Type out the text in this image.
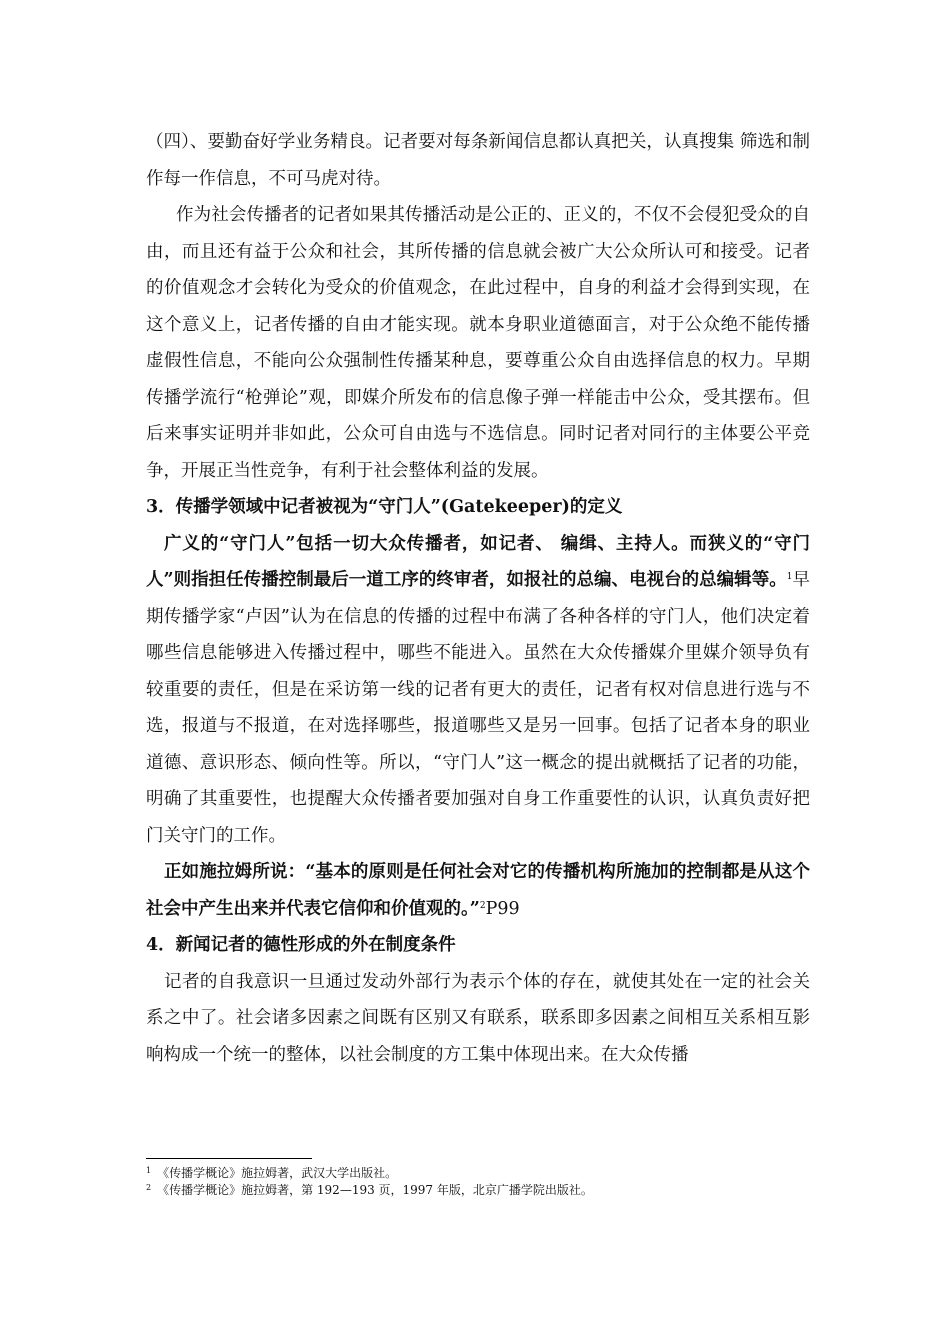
（四）、要勤奋好学业务精良。记者要对每条新闻信息都认真把关，认真搜集 筛选和制作每一作信息，不可马虎对待。

作为社会传播者的记者如果其传播活动是公正的、正义的，不仅不会侵犯受众的自由，而且还有益于公众和社会，其所传播的信息就会被广大公众所认可和接受。记者的价值观念才会转化为受众的价值观念，在此过程中，自身的利益才会得到实现，在这个意义上，记者传播的自由才能实现。就本身职业道德面言，对于公众绝不能传播虚假性信息，不能向公众强制性传播某种息，要尊重公众自由选择信息的权力。早期传播学流行“枪弹论”观，即媒介所发布的信息像子弹一样能击中公众，受其摆布。但后来事实证明并非如此，公众可自由选与不选信息。同时记者对同行的主体要公平竞争，开展正当性竞争，有利于社会整体利益的发展。

3．传播学领域中记者被视为“守门人”(Gatekeeper)的定义

广义的“守门人”包括一切大众传播者，如记者、 编缉、主持人。而狭义的“守门人”则指担任传播控制最后一道工序的终审者，如报社的总编、电视台的总编辑等。$^1$早期传播学家“卢因”认为在信息的传播的过程中布满了各种各样的守门人，他们决定着哪些信息能够进入传播过程中，哪些不能进入。虽然在大众传播媒介里媒介领导负有较重要的责任，但是在采访第一线的记者有更大的责任，记者有权对信息进行选与不选，报道与不报道，在对选择哪些，报道哪些又是另一回事。包括了记者本身的职业道德、意识形态、倾向性等。所以，“守门人”这一概念的提出就概括了记者的功能，明确了其重要性，也提醒大众传播者要加强对自身工作重要性的认识，认真负责好把门关守门的工作。

正如施拉姆所说：“基本的原则是任何社会对它的传播机构所施加的控制都是从这个社会中产生出来并代表它信仰和价值观的。”$^2$P99

4．新闻记者的德性形成的外在制度条件

记者的自我意识一旦通过发动外部行为表示个体的存在，就使其处在一定的社会关系之中了。社会诸多因素之间既有区别又有联系，联系即多因素之间相互关系相互影响构成一个统一的整体，以社会制度的方工集中体现出来。在大众传播

$^1$ 《传播学概论》施拉姆著，武汉大学出版社。

$^2$ 《传播学概论》施拉姆著，第 192—193 页，1997 年版，北京广播学院出版社。
